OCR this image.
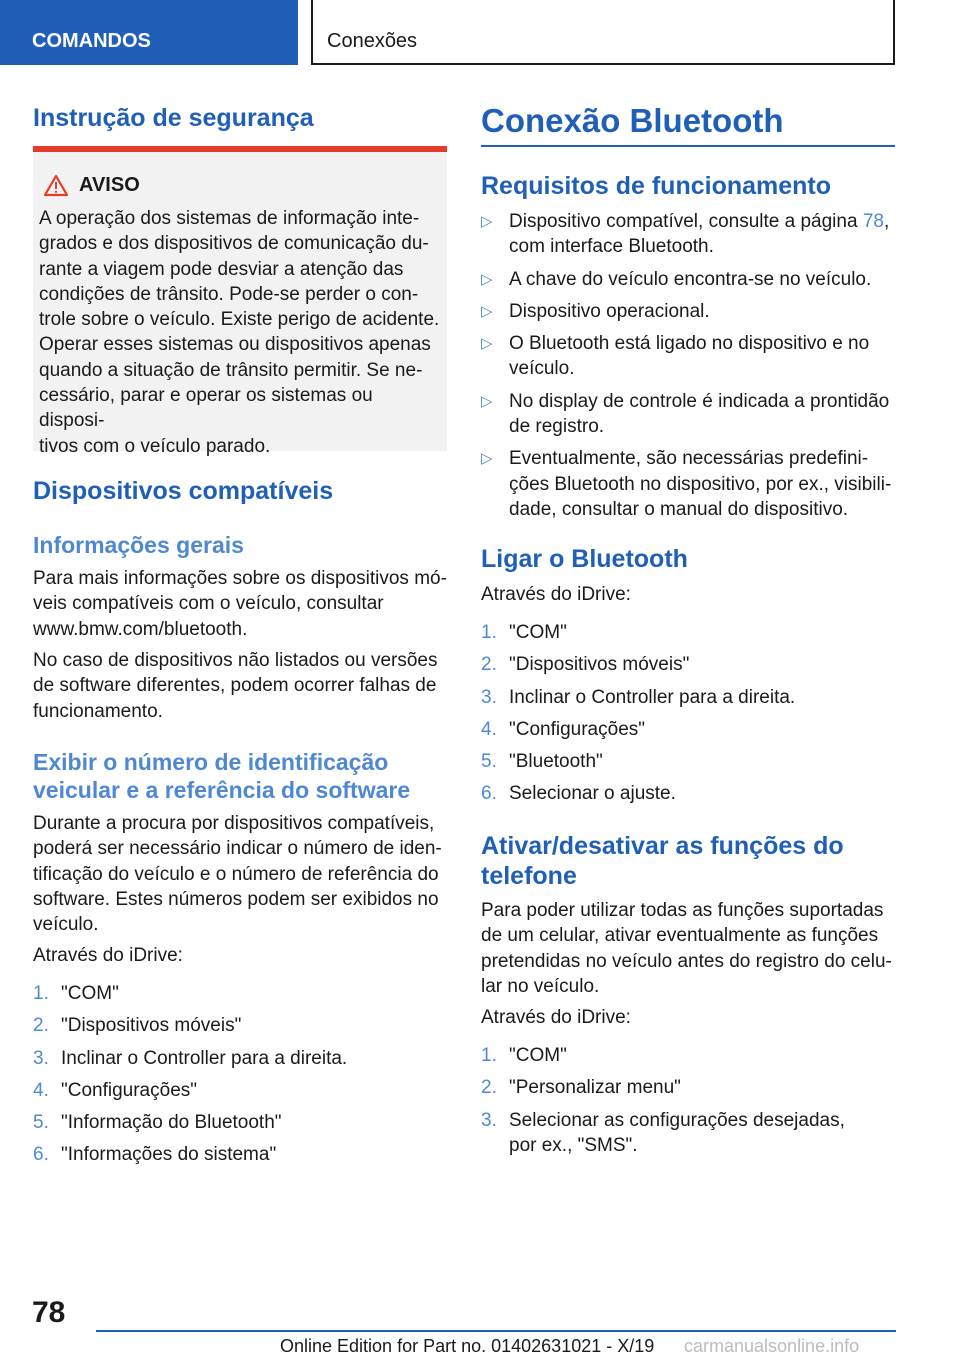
COMANDOS	Conexões
Instrução de segurança
AVISO

A operação dos sistemas de informação inte-
grados e dos dispositivos de comunicação du-
rante a viagem pode desviar a atenção das
condições de trânsito. Pode-se perder o con-
trole sobre o veículo. Existe perigo de acidente.
Operar esses sistemas ou dispositivos apenas
quando a situação de trânsito permitir. Se ne-
cessário, parar e operar os sistemas ou disposi-
tivos com o veículo parado.

Dispositivos compatíveis
Informações gerais

Para mais informações sobre os dispositivos mó-
veis compatíveis com o veículo, consultar
www.bmw.com/bluetooth.

No caso de dispositivos não listados ou versões
de software diferentes, podem ocorrer falhas de
funcionamento.

Exibir o número de identificação
veicular e a referência do software

Durante a procura por dispositivos compatíveis,
poderá ser necessário indicar o número de iden-
tificação do veículo e o número de referência do
software. Estes números podem ser exibidos no
veículo.

Através do iDrive:

1. "COM"
2. "Dispositivos móveis"
3. Inclinar o Controller para a direita.
4. "Configurações"
5. "Informação do Bluetooth"
6. "Informações do sistema"
Conexão Bluetooth
Requisitos de funcionamento
▷ Dispositivo compatível, consulte a página 78,
com interface Bluetooth.
▷ A chave do veículo encontra-se no veículo.
▷ Dispositivo operacional.
▷ O Bluetooth está ligado no dispositivo e no
veículo.
▷ No display de controle é indicada a prontidão
de registro.
▷ Eventualmente, são necessárias predefini-
ções Bluetooth no dispositivo, por ex., visibili-
dade, consultar o manual do dispositivo.
Ligar o Bluetooth

Através do iDrive:

1. "COM"
2. "Dispositivos móveis"
3. Inclinar o Controller para a direita.
4. "Configurações"
5. "Bluetooth"
6. Selecionar o ajuste.
Ativar/desativar as funções do
telefone

Para poder utilizar todas as funções suportadas
de um celular, ativar eventualmente as funções
pretendidas no veículo antes do registro do celu-
lar no veículo.

Através do iDrive:

1. "COM"
2. "Personalizar menu"
3. Selecionar as configurações desejadas,
por ex., "SMS".
78
Online Edition for Part no. 01402631021 - X/19 carmanualsonline.info
